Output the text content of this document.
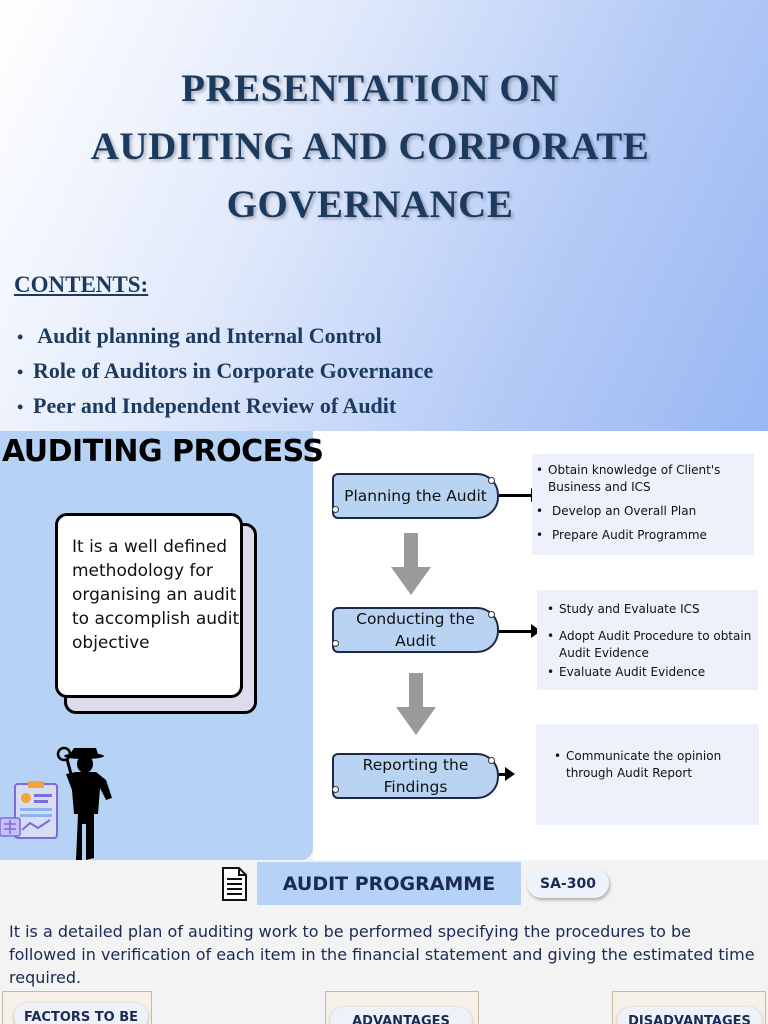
PRESENTATION ON
AUDITING AND CORPORATE
GOVERNANCE
CONTENTS:
• Audit planning and Internal Control
• Role of Auditors in Corporate Governance
• Peer and Independent Review of Audit
AUDITING PROCESS
It is a well defined methodology for organising an audit to accomplish audit objective
Planning the Audit
• Obtain knowledge of Client's Business and ICS
• Develop an Overall Plan
• Prepare Audit Programme
Conducting the Audit
• Study and Evaluate ICS
• Adopt Audit Procedure to obtain Audit Evidence
• Evaluate Audit Evidence
Reporting the Findings
• Communicate the opinion through Audit Report
AUDIT PROGRAMME	SA-300
It is a detailed plan of auditing work to be performed specifying the procedures to be followed in verification of each item in the financial statement and giving the estimated time required.
FACTORS TO BE	ADVANTAGES	DISADVANTAGES
